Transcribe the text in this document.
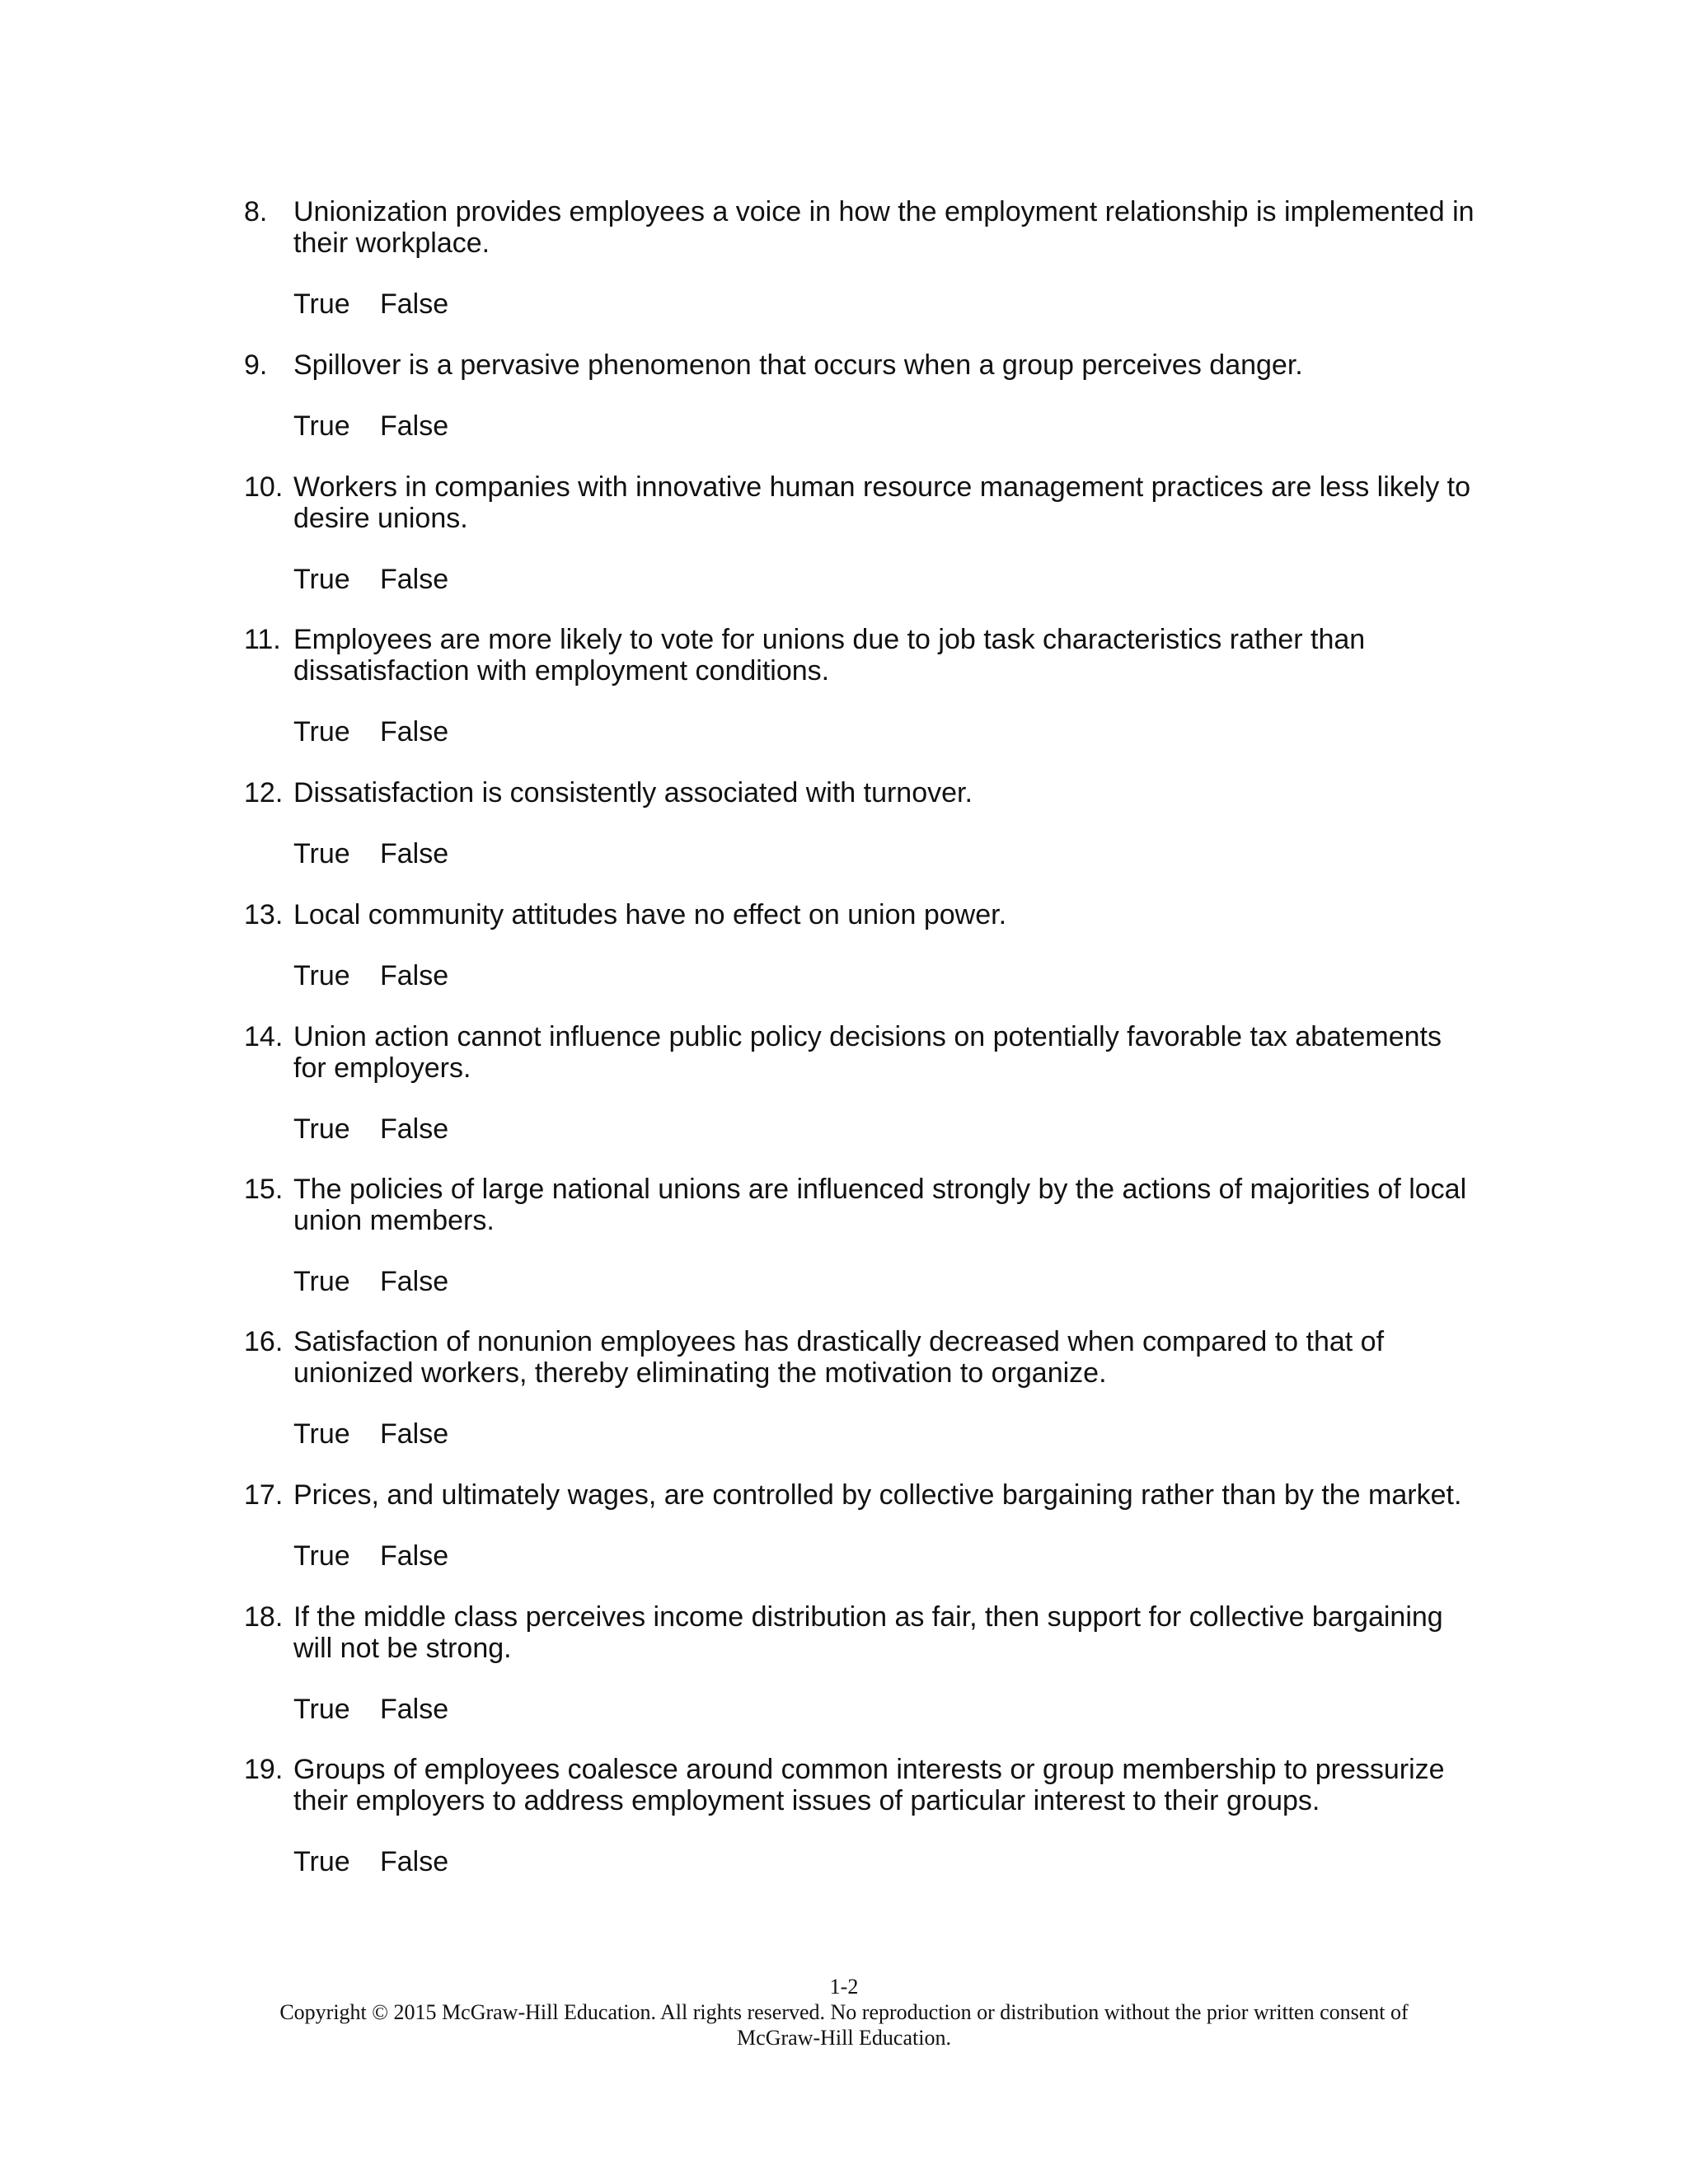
8. Unionization provides employees a voice in how the employment relationship is implemented in their workplace.
True False
9. Spillover is a pervasive phenomenon that occurs when a group perceives danger.
True False
10. Workers in companies with innovative human resource management practices are less likely to desire unions.
True False
11. Employees are more likely to vote for unions due to job task characteristics rather than dissatisfaction with employment conditions.
True False
12. Dissatisfaction is consistently associated with turnover.
True False
13. Local community attitudes have no effect on union power.
True False
14. Union action cannot influence public policy decisions on potentially favorable tax abatements for employers.
True False
15. The policies of large national unions are influenced strongly by the actions of majorities of local union members.
True False
16. Satisfaction of nonunion employees has drastically decreased when compared to that of unionized workers, thereby eliminating the motivation to organize.
True False
17. Prices, and ultimately wages, are controlled by collective bargaining rather than by the market.
True False
18. If the middle class perceives income distribution as fair, then support for collective bargaining will not be strong.
True False
19. Groups of employees coalesce around common interests or group membership to pressurize their employers to address employment issues of particular interest to their groups.
True False
1-2
Copyright © 2015 McGraw-Hill Education. All rights reserved. No reproduction or distribution without the prior written consent of
McGraw-Hill Education.
